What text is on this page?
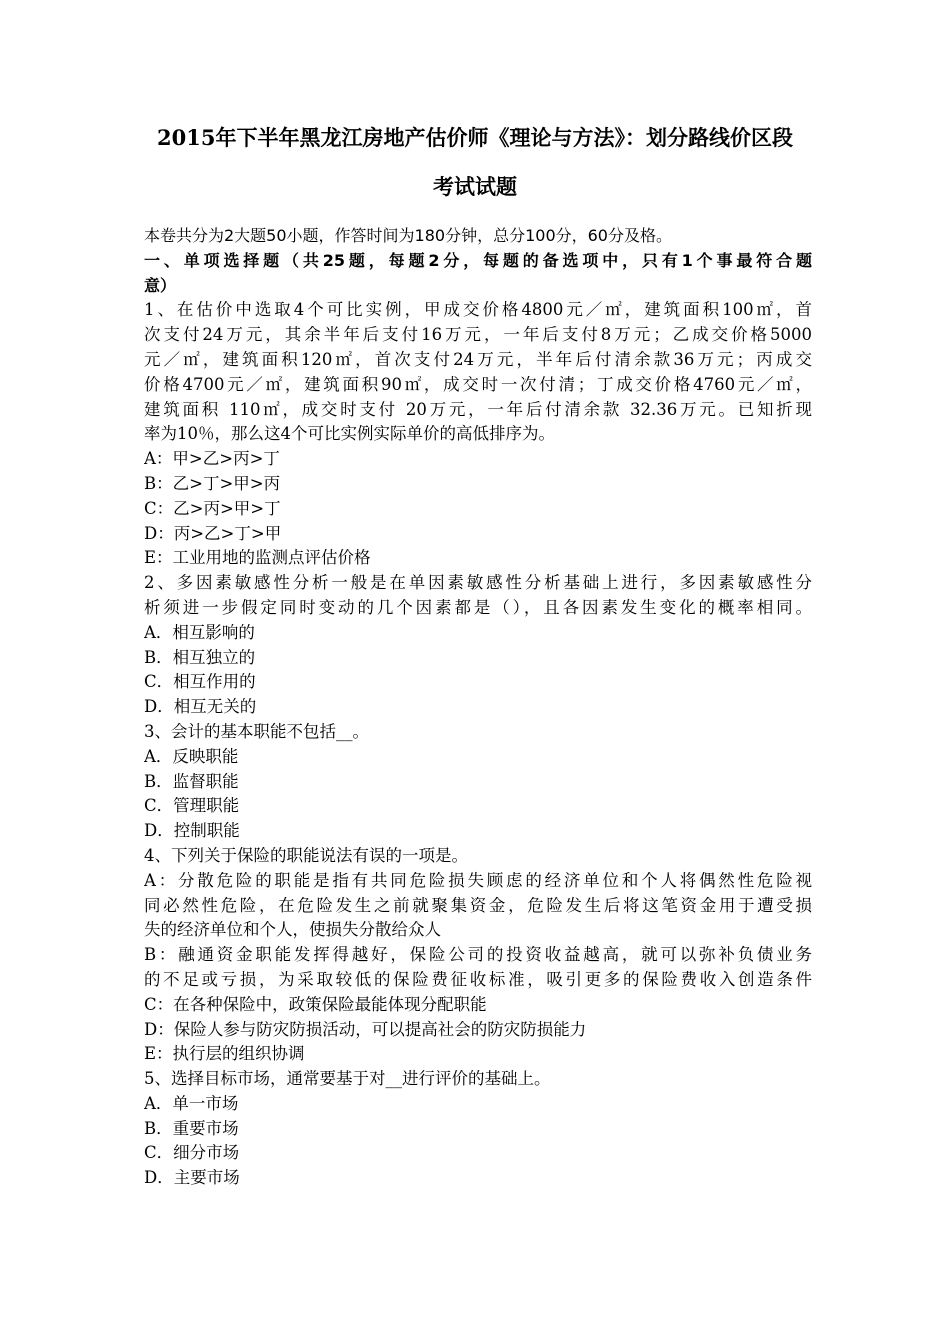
2015年下半年黑龙江房地产估价师《理论与方法》：划分路线价区段
考试试题
本卷共分为2大题50小题，作答时间为180分钟，总分100分，60分及格。
一、单项选择题（共25题，每题2分，每题的备选项中，只有1个事最符合题
意）
1、在估价中选取4个可比实例，甲成交价格4800元／㎡，建筑面积100㎡，首
次支付24万元，其余半年后支付16万元，一年后支付8万元；乙成交价格5000
元／㎡，建筑面积120㎡，首次支付24万元，半年后付清余款36万元；丙成交
价格4700元／㎡，建筑面积90㎡，成交时一次付清；丁成交价格4760元／㎡，
建筑面积 110㎡，成交时支付 20万元，一年后付清余款 32.36万元。已知折现
率为10％，那么这4个可比实例实际单价的高低排序为。
A：甲>乙>丙>丁
B：乙>丁>甲>丙
C：乙>丙>甲>丁
D：丙>乙>丁>甲
E：工业用地的监测点评估价格
2、多因素敏感性分析一般是在单因素敏感性分析基础上进行，多因素敏感性分
析须进一步假定同时变动的几个因素都是（），且各因素发生变化的概率相同。
A．相互影响的
B．相互独立的
C．相互作用的
D．相互无关的
3、会计的基本职能不包括__。
A．反映职能
B．监督职能
C．管理职能
D．控制职能
4、下列关于保险的职能说法有误的一项是。
A：分散危险的职能是指有共同危险损失顾虑的经济单位和个人将偶然性危险视
同必然性危险，在危险发生之前就聚集资金，危险发生后将这笔资金用于遭受损
失的经济单位和个人，使损失分散给众人
B：融通资金职能发挥得越好，保险公司的投资收益越高，就可以弥补负债业务
的不足或亏损，为采取较低的保险费征收标准，吸引更多的保险费收入创造条件
C：在各种保险中，政策保险最能体现分配职能
D：保险人参与防灾防损活动，可以提高社会的防灾防损能力
E：执行层的组织协调
5、选择目标市场，通常要基于对__进行评价的基础上。
A．单一市场
B．重要市场
C．细分市场
D．主要市场
